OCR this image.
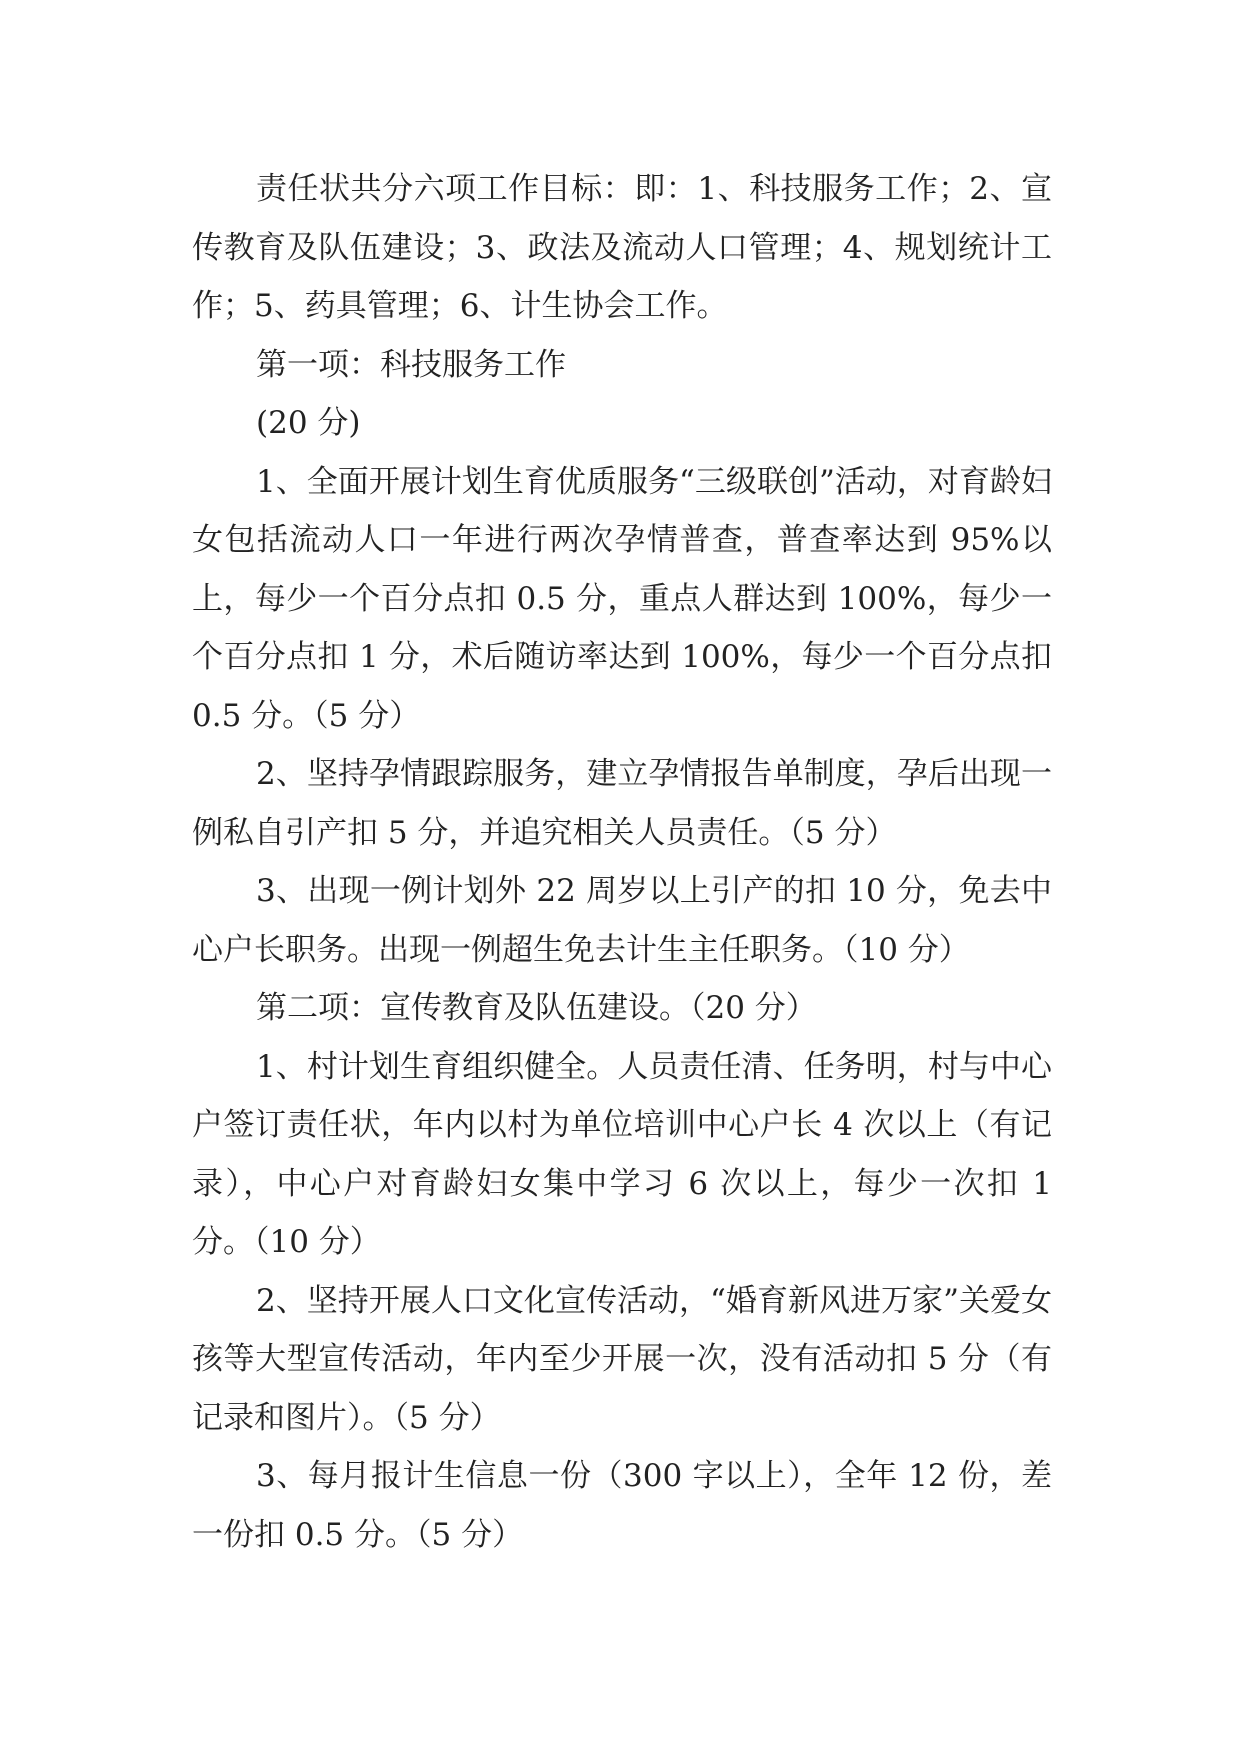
责任状共分六项工作目标：即：1、科技服务工作；2、宣传教育及队伍建设；3、政法及流动人口管理；4、规划统计工作；5、药具管理；6、计生协会工作。

第一项：科技服务工作

(20 分)

1、全面开展计划生育优质服务“三级联创”活动，对育龄妇女包括流动人口一年进行两次孕情普查，普查率达到 95%以上，每少一个百分点扣 0.5 分，重点人群达到 100%，每少一个百分点扣 1 分，术后随访率达到 100%，每少一个百分点扣 0.5 分。（5 分）

2、坚持孕情跟踪服务，建立孕情报告单制度，孕后出现一例私自引产扣 5 分，并追究相关人员责任。（5 分）

3、出现一例计划外 22 周岁以上引产的扣 10 分，免去中心户长职务。出现一例超生免去计生主任职务。（10 分）

第二项：宣传教育及队伍建设。（20 分）

1、村计划生育组织健全。人员责任清、任务明，村与中心户签订责任状，年内以村为单位培训中心户长 4 次以上（有记录），中心户对育龄妇女集中学习 6 次以上，每少一次扣 1 分。（10 分）

2、坚持开展人口文化宣传活动，“婚育新风进万家”关爱女孩等大型宣传活动，年内至少开展一次，没有活动扣 5 分（有记录和图片）。（5 分）

3、每月报计生信息一份（300 字以上），全年 12 份，差一份扣 0.5 分。（5 分）
